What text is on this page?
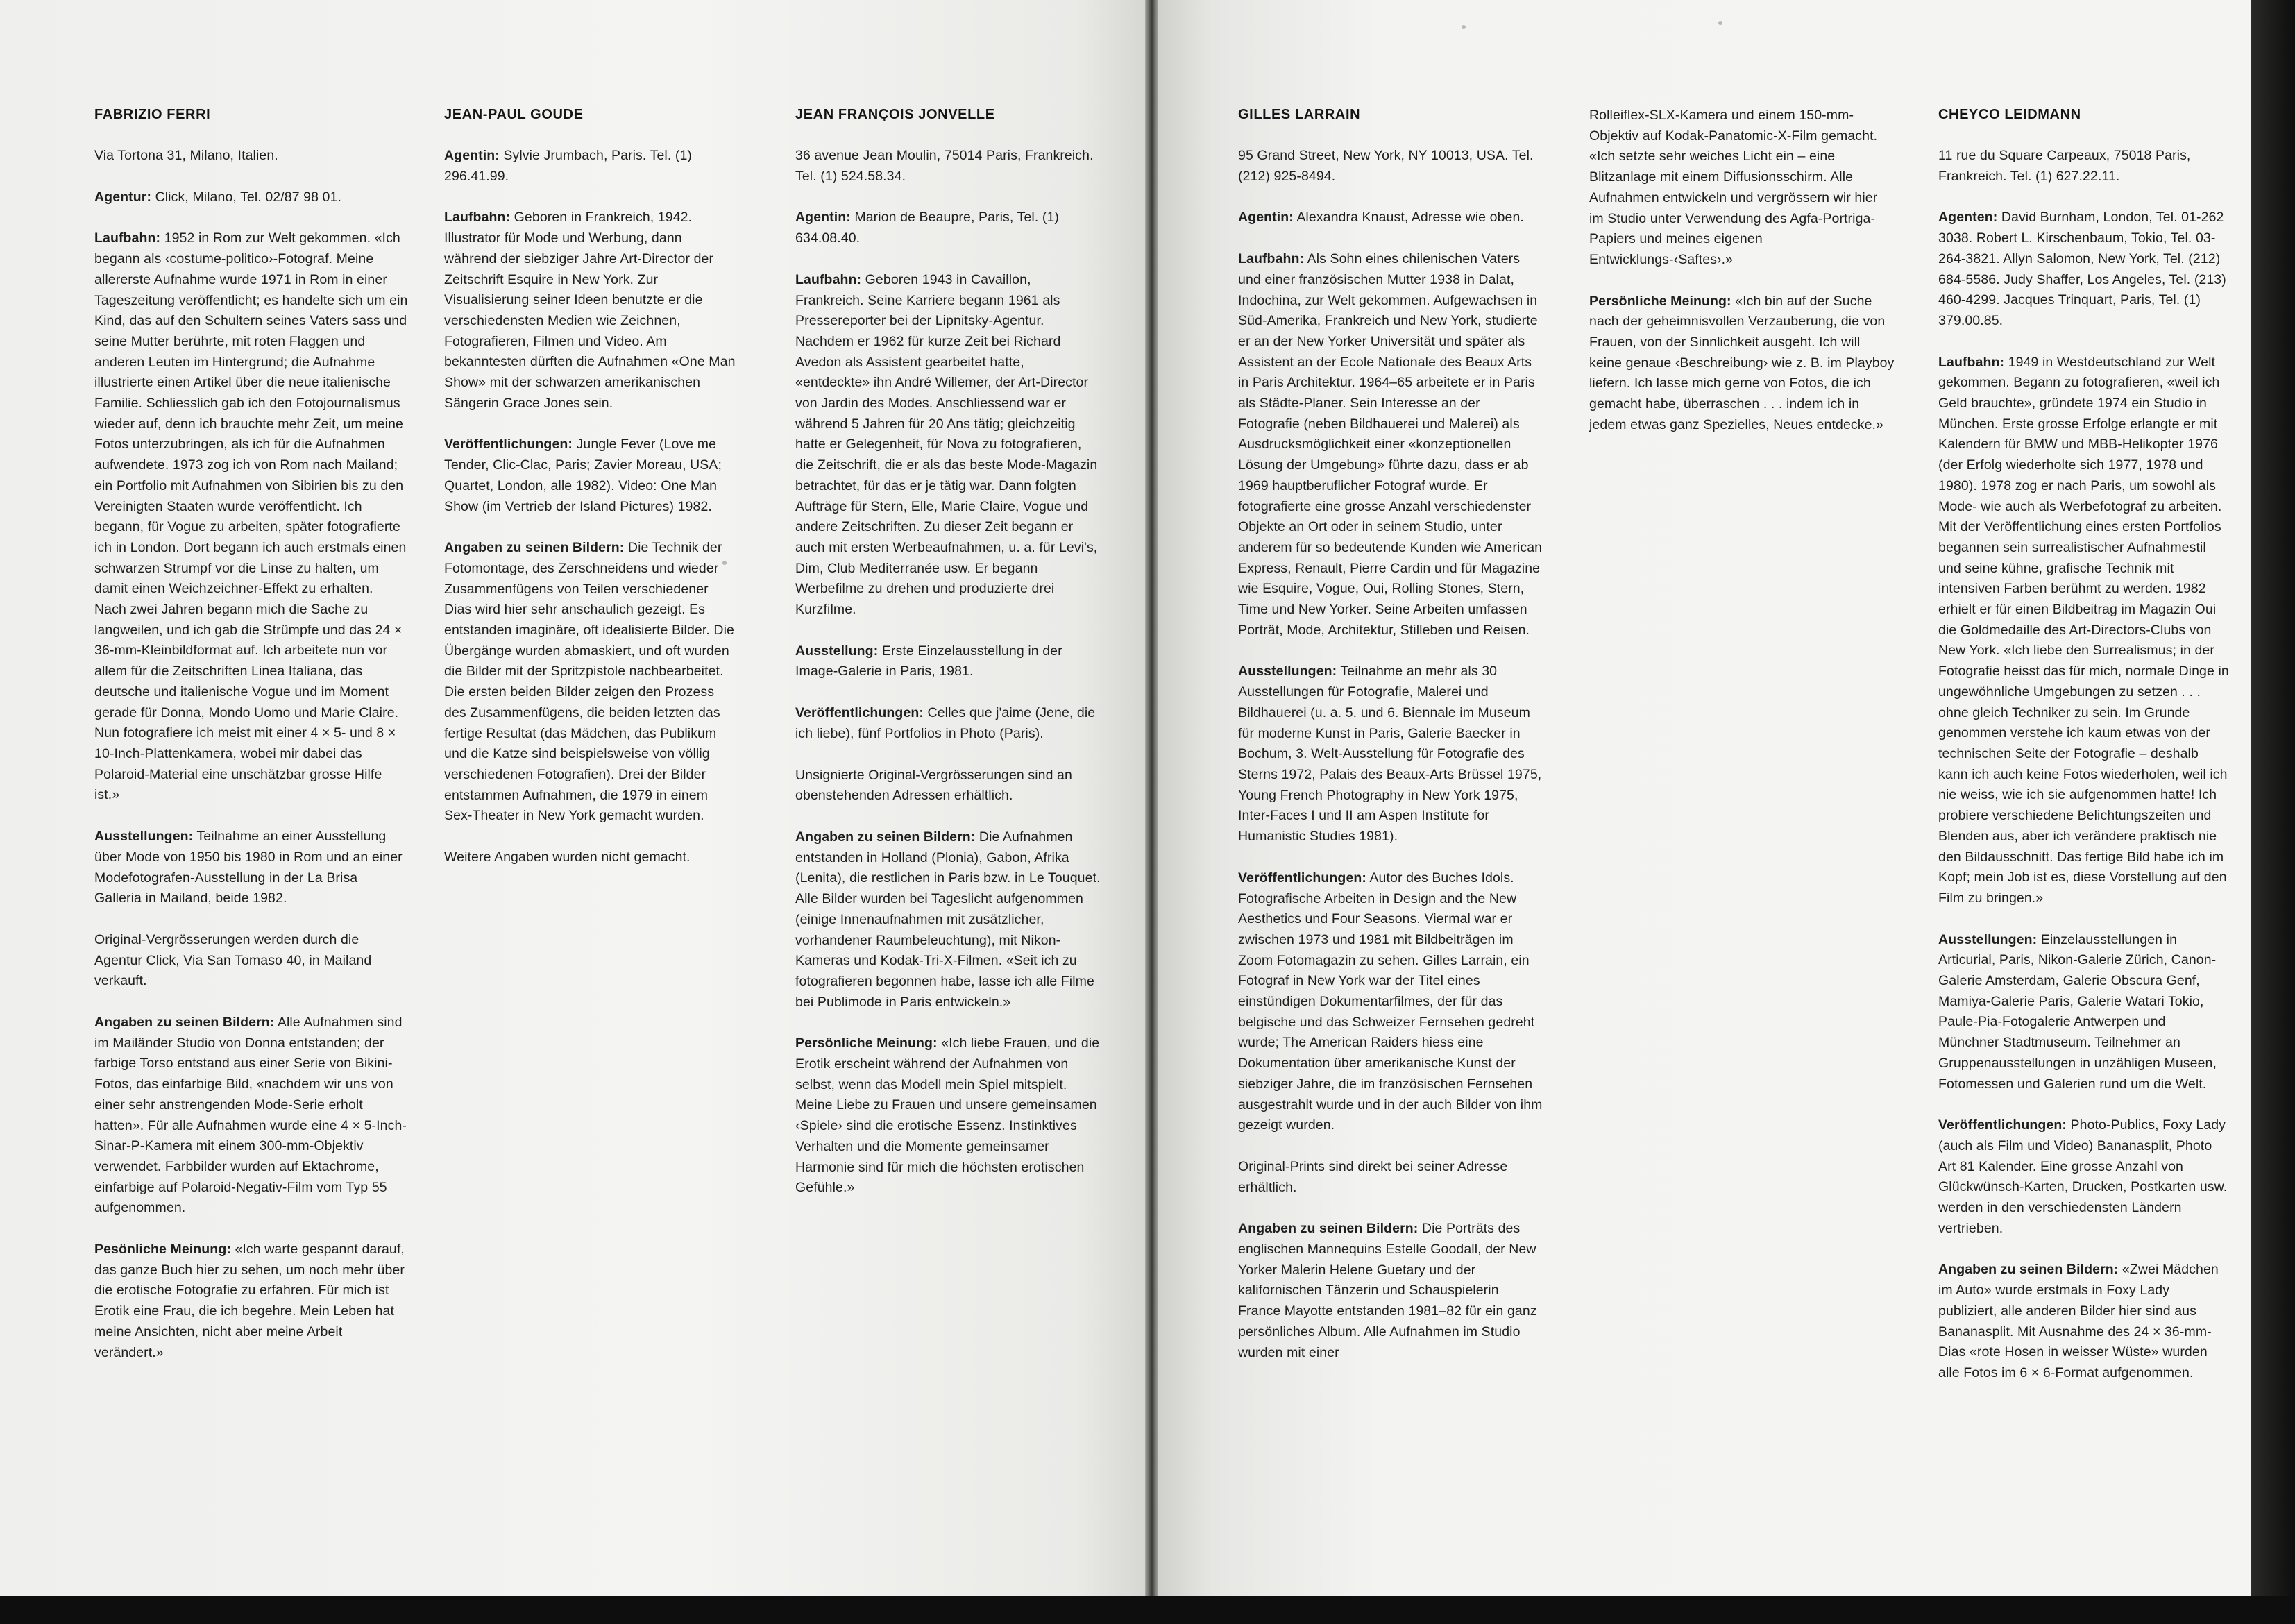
FABRIZIO FERRI

Via Tortona 31, Milano, Italien.

Agentur: Click, Milano, Tel. 02/87 98 01.

Laufbahn: 1952 in Rom zur Welt gekommen. «Ich begann als ‹costume-politico›-Fotograf. Meine allererste Aufnahme wurde 1971 in Rom in einer Tageszeitung veröffentlicht; es handelte sich um ein Kind, das auf den Schultern seines Vaters sass und seine Mutter berührte, mit roten Flaggen und anderen Leuten im Hintergrund; die Aufnahme illustrierte einen Artikel über die neue italienische Familie. Schliesslich gab ich den Fotojournalismus wieder auf, denn ich brauchte mehr Zeit, um meine Fotos unterzubringen, als ich für die Aufnahmen aufwendete. 1973 zog ich von Rom nach Mailand; ein Portfolio mit Aufnahmen von Sibirien bis zu den Vereinigten Staaten wurde veröffentlicht. Ich begann, für Vogue zu arbeiten, später fotografierte ich in London. Dort begann ich auch erstmals einen schwarzen Strumpf vor die Linse zu halten, um damit einen Weichzeichner-Effekt zu erhalten. Nach zwei Jahren begann mich die Sache zu langweilen, und ich gab die Strümpfe und das 24 × 36-mm-Kleinbildformat auf. Ich arbeitete nun vor allem für die Zeitschriften Linea Italiana, das deutsche und italienische Vogue und im Moment gerade für Donna, Mondo Uomo und Marie Claire. Nun fotografiere ich meist mit einer 4 × 5- und 8 × 10-Inch-Plattenkamera, wobei mir dabei das Polaroid-Material eine unschätzbar grosse Hilfe ist.»

Ausstellungen: Teilnahme an einer Ausstellung über Mode von 1950 bis 1980 in Rom und an einer Modefotografen-Ausstellung in der La Brisa Galleria in Mailand, beide 1982.

Original-Vergrösserungen werden durch die Agentur Click, Via San Tomaso 40, in Mailand verkauft.

Angaben zu seinen Bildern: Alle Aufnahmen sind im Mailänder Studio von Donna entstanden; der farbige Torso entstand aus einer Serie von Bikini-Fotos, das einfarbige Bild, «nachdem wir uns von einer sehr anstrengenden Mode-Serie erholt hatten». Für alle Aufnahmen wurde eine 4 × 5-Inch-Sinar-P-Kamera mit einem 300-mm-Objektiv verwendet. Farbbilder wurden auf Ektachrome, einfarbige auf Polaroid-Negativ-Film vom Typ 55 aufgenommen.

Pesönliche Meinung: «Ich warte gespannt darauf, das ganze Buch hier zu sehen, um noch mehr über die erotische Fotografie zu erfahren. Für mich ist Erotik eine Frau, die ich begehre. Mein Leben hat meine Ansichten, nicht aber meine Arbeit verändert.»

JEAN-PAUL GOUDE

Agentin: Sylvie Jrumbach, Paris. Tel. (1) 296.41.99.

Laufbahn: Geboren in Frankreich, 1942. Illustrator für Mode und Werbung, dann während der siebziger Jahre Art-Director der Zeitschrift Esquire in New York. Zur Visualisierung seiner Ideen benutzte er die verschiedensten Medien wie Zeichnen, Fotografieren, Filmen und Video. Am bekanntesten dürften die Aufnahmen «One Man Show» mit der schwarzen amerikanischen Sängerin Grace Jones sein.

Veröffentlichungen: Jungle Fever (Love me Tender, Clic-Clac, Paris; Zavier Moreau, USA; Quartet, London, alle 1982). Video: One Man Show (im Vertrieb der Island Pictures) 1982.

Angaben zu seinen Bildern: Die Technik der Fotomontage, des Zerschneidens und wieder Zusammenfügens von Teilen verschiedener Dias wird hier sehr anschaulich gezeigt. Es entstanden imaginäre, oft idealisierte Bilder. Die Übergänge wurden abmaskiert, und oft wurden die Bilder mit der Spritzpistole nachbearbeitet. Die ersten beiden Bilder zeigen den Prozess des Zusammenfügens, die beiden letzten das fertige Resultat (das Mädchen, das Publikum und die Katze sind beispielsweise von völlig verschiedenen Fotografien). Drei der Bilder entstammen Aufnahmen, die 1979 in einem Sex-Theater in New York gemacht wurden.

Weitere Angaben wurden nicht gemacht.

JEAN FRANÇOIS JONVELLE

36 avenue Jean Moulin, 75014 Paris, Frankreich. Tel. (1) 524.58.34.

Agentin: Marion de Beaupre, Paris, Tel. (1) 634.08.40.

Laufbahn: Geboren 1943 in Cavaillon, Frankreich. Seine Karriere begann 1961 als Pressereporter bei der Lipnitsky-Agentur. Nachdem er 1962 für kurze Zeit bei Richard Avedon als Assistent gearbeitet hatte, «entdeckte» ihn André Willemer, der Art-Director von Jardin des Modes. Anschliessend war er während 5 Jahren für 20 Ans tätig; gleichzeitig hatte er Gelegenheit, für Nova zu fotografieren, die Zeitschrift, die er als das beste Mode-Magazin betrachtet, für das er je tätig war. Dann folgten Aufträge für Stern, Elle, Marie Claire, Vogue und andere Zeitschriften. Zu dieser Zeit begann er auch mit ersten Werbeaufnahmen, u. a. für Levi's, Dim, Club Mediterranée usw. Er begann Werbefilme zu drehen und produzierte drei Kurzfilme.

Ausstellung: Erste Einzelausstellung in der Image-Galerie in Paris, 1981.

Veröffentlichungen: Celles que j'aime (Jene, die ich liebe), fünf Portfolios in Photo (Paris).

Unsignierte Original-Vergrösserungen sind an obenstehenden Adressen erhältlich.

Angaben zu seinen Bildern: Die Aufnahmen entstanden in Holland (Plonia), Gabon, Afrika (Lenita), die restlichen in Paris bzw. in Le Touquet. Alle Bilder wurden bei Tageslicht aufgenommen (einige Innenaufnahmen mit zusätzlicher, vorhandener Raumbeleuchtung), mit Nikon-Kameras und Kodak-Tri-X-Filmen. «Seit ich zu fotografieren begonnen habe, lasse ich alle Filme bei Publimode in Paris entwickeln.»

Persönliche Meinung: «Ich liebe Frauen, und die Erotik erscheint während der Aufnahmen von selbst, wenn das Modell mein Spiel mitspielt. Meine Liebe zu Frauen und unsere gemeinsamen ‹Spiele› sind die erotische Essenz. Instinktives Verhalten und die Momente gemeinsamer Harmonie sind für mich die höchsten erotischen Gefühle.»

GILLES LARRAIN

95 Grand Street, New York, NY 10013, USA. Tel. (212) 925-8494.

Agentin: Alexandra Knaust, Adresse wie oben.

Laufbahn: Als Sohn eines chilenischen Vaters und einer französischen Mutter 1938 in Dalat, Indochina, zur Welt gekommen. Aufgewachsen in Süd-Amerika, Frankreich und New York, studierte er an der New Yorker Universität und später als Assistent an der Ecole Nationale des Beaux Arts in Paris Architektur. 1964–65 arbeitete er in Paris als Städte-Planer. Sein Interesse an der Fotografie (neben Bildhauerei und Malerei) als Ausdrucksmöglichkeit einer «konzeptionellen Lösung der Umgebung» führte dazu, dass er ab 1969 hauptberuflicher Fotograf wurde. Er fotografierte eine grosse Anzahl verschiedenster Objekte an Ort oder in seinem Studio, unter anderem für so bedeutende Kunden wie American Express, Renault, Pierre Cardin und für Magazine wie Esquire, Vogue, Oui, Rolling Stones, Stern, Time und New Yorker. Seine Arbeiten umfassen Porträt, Mode, Architektur, Stilleben und Reisen.

Ausstellungen: Teilnahme an mehr als 30 Ausstellungen für Fotografie, Malerei und Bildhauerei (u. a. 5. und 6. Biennale im Museum für moderne Kunst in Paris, Galerie Baecker in Bochum, 3. Welt-Ausstellung für Fotografie des Sterns 1972, Palais des Beaux-Arts Brüssel 1975, Young French Photography in New York 1975, Inter-Faces I und II am Aspen Institute for Humanistic Studies 1981).

Veröffentlichungen: Autor des Buches Idols. Fotografische Arbeiten in Design and the New Aesthetics und Four Seasons. Viermal war er zwischen 1973 und 1981 mit Bildbeiträgen im Zoom Fotomagazin zu sehen. Gilles Larrain, ein Fotograf in New York war der Titel eines einstündigen Dokumentarfilmes, der für das belgische und das Schweizer Fernsehen gedreht wurde; The American Raiders hiess eine Dokumentation über amerikanische Kunst der siebziger Jahre, die im französischen Fernsehen ausgestrahlt wurde und in der auch Bilder von ihm gezeigt wurden.

Original-Prints sind direkt bei seiner Adresse erhältlich.

Angaben zu seinen Bildern: Die Porträts des englischen Mannequins Estelle Goodall, der New Yorker Malerin Helene Guetary und der kalifornischen Tänzerin und Schauspielerin France Mayotte entstanden 1981–82 für ein ganz persönliches Album. Alle Aufnahmen im Studio wurden mit einer

Rolleiflex-SLX-Kamera und einem 150-mm-Objektiv auf Kodak-Panatomic-X-Film gemacht. «Ich setzte sehr weiches Licht ein – eine Blitzanlage mit einem Diffusionsschirm. Alle Aufnahmen entwickeln und vergrössern wir hier im Studio unter Verwendung des Agfa-Portriga-Papiers und meines eigenen Entwicklungs-‹Saftes›.»

Persönliche Meinung: «Ich bin auf der Suche nach der geheimnisvollen Verzauberung, die von Frauen, von der Sinnlichkeit ausgeht. Ich will keine genaue ‹Beschreibung› wie z. B. im Playboy liefern. Ich lasse mich gerne von Fotos, die ich gemacht habe, überraschen . . . indem ich in jedem etwas ganz Spezielles, Neues entdecke.»

CHEYCO LEIDMANN

11 rue du Square Carpeaux, 75018 Paris, Frankreich. Tel. (1) 627.22.11.

Agenten: David Burnham, London, Tel. 01-262 3038. Robert L. Kirschenbaum, Tokio, Tel. 03-264-3821. Allyn Salomon, New York, Tel. (212) 684-5586. Judy Shaffer, Los Angeles, Tel. (213) 460-4299. Jacques Trinquart, Paris, Tel. (1) 379.00.85.

Laufbahn: 1949 in Westdeutschland zur Welt gekommen. Begann zu fotografieren, «weil ich Geld brauchte», gründete 1974 ein Studio in München. Erste grosse Erfolge erlangte er mit Kalendern für BMW und MBB-Helikopter 1976 (der Erfolg wiederholte sich 1977, 1978 und 1980). 1978 zog er nach Paris, um sowohl als Mode- wie auch als Werbefotograf zu arbeiten. Mit der Veröffentlichung eines ersten Portfolios begannen sein surrealistischer Aufnahmestil und seine kühne, grafische Technik mit intensiven Farben berühmt zu werden. 1982 erhielt er für einen Bildbeitrag im Magazin Oui die Goldmedaille des Art-Directors-Clubs von New York. «Ich liebe den Surrealismus; in der Fotografie heisst das für mich, normale Dinge in ungewöhnliche Umgebungen zu setzen . . . ohne gleich Techniker zu sein. Im Grunde genommen verstehe ich kaum etwas von der technischen Seite der Fotografie – deshalb kann ich auch keine Fotos wiederholen, weil ich nie weiss, wie ich sie aufgenommen hatte! Ich probiere verschiedene Belichtungszeiten und Blenden aus, aber ich verändere praktisch nie den Bildausschnitt. Das fertige Bild habe ich im Kopf; mein Job ist es, diese Vorstellung auf den Film zu bringen.»

Ausstellungen: Einzelausstellungen in Articurial, Paris, Nikon-Galerie Zürich, Canon-Galerie Amsterdam, Galerie Obscura Genf, Mamiya-Galerie Paris, Galerie Watari Tokio, Paule-Pia-Fotogalerie Antwerpen und Münchner Stadtmuseum. Teilnehmer an Gruppenausstellungen in unzähligen Museen, Fotomessen und Galerien rund um die Welt.

Veröffentlichungen: Photo-Publics, Foxy Lady (auch als Film und Video) Bananasplit, Photo Art 81 Kalender. Eine grosse Anzahl von Glückwünsch-Karten, Drucken, Postkarten usw. werden in den verschiedensten Ländern vertrieben.

Angaben zu seinen Bildern: «Zwei Mädchen im Auto» wurde erstmals in Foxy Lady publiziert, alle anderen Bilder hier sind aus Bananasplit. Mit Ausnahme des 24 × 36-mm-Dias «rote Hosen in weisser Wüste» wurden alle Fotos im 6 × 6-Format aufgenommen.
